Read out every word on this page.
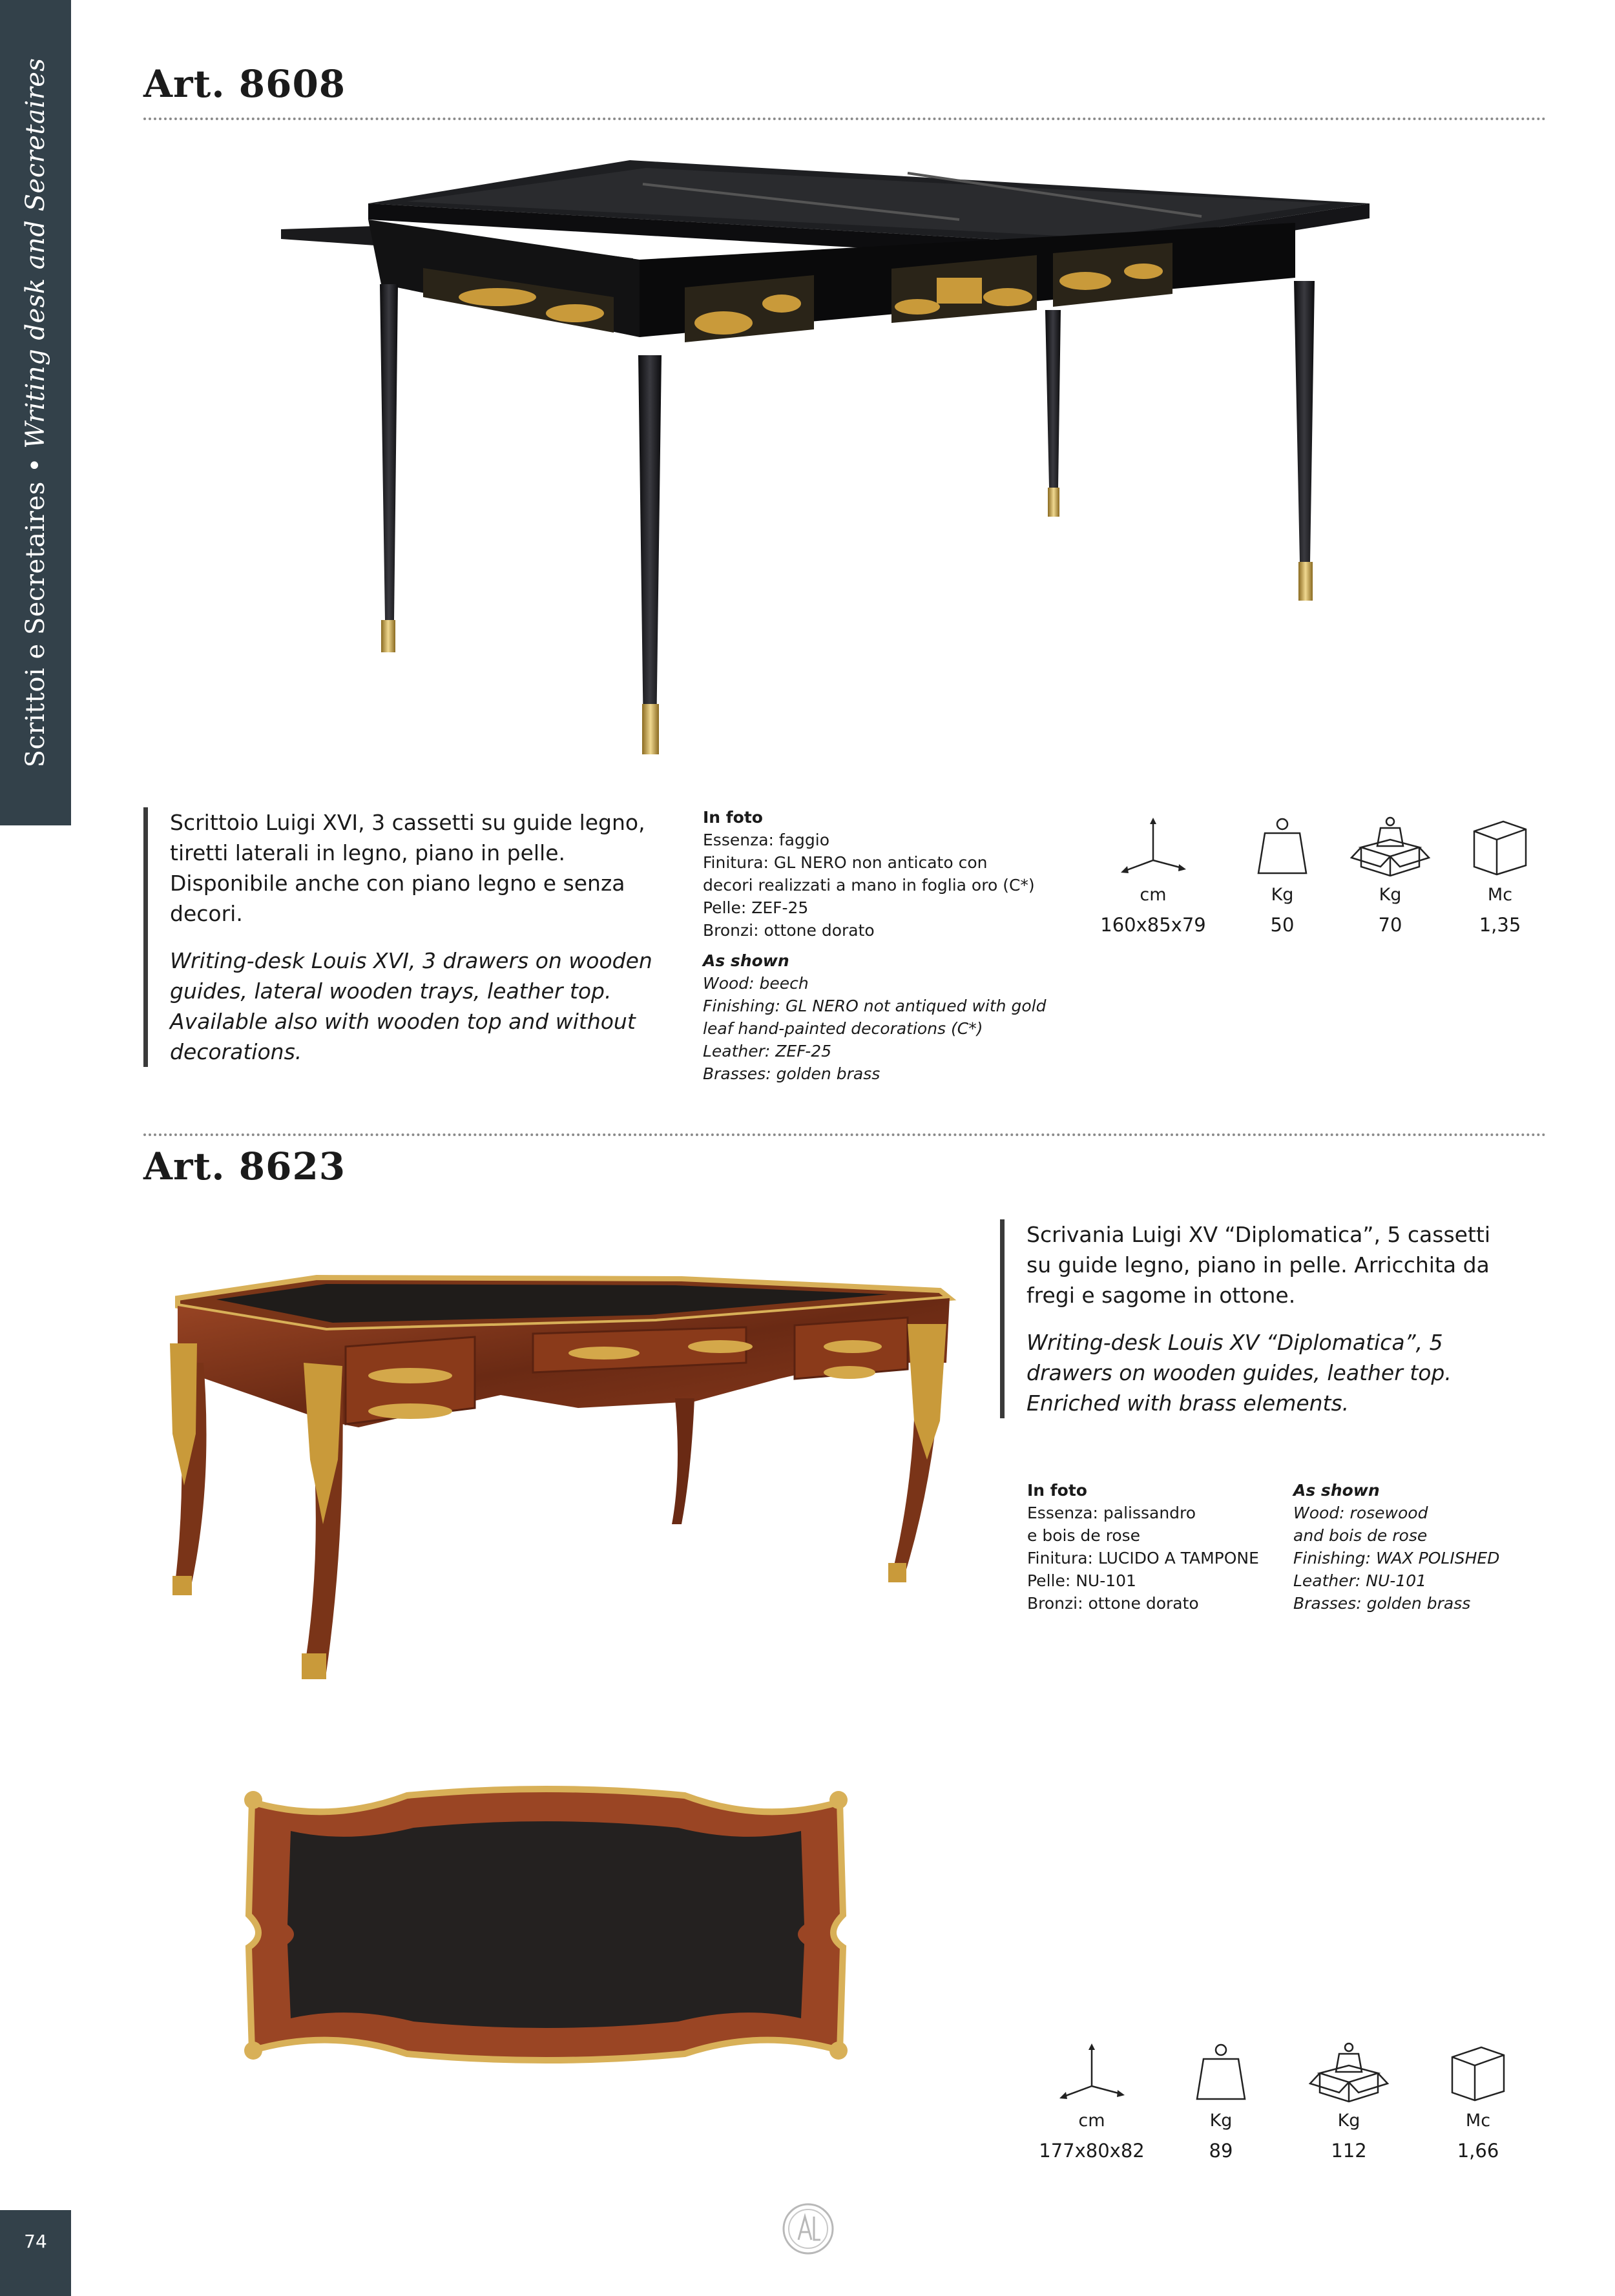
Scrittoi e Secretaires • Writing desk and Secretaires Art. 8608
Scrittoio Luigi XVI, 3 cassetti su guide legno, tiretti laterali in legno, piano in pelle. Disponibile anche con piano legno e senza decori.
Writing-desk Louis XVI, 3 drawers on wooden guides, lateral wooden trays, leather top. Available also with wooden top and without decorations.
In foto
Essenza: faggio
Finitura: GL NERO non anticato con
decori realizzati a mano in foglia oro (C*)
Pelle: ZEF-25
Bronzi: ottone dorato
As shown
Wood: beech
Finishing: GL NERO not antiqued with gold
leaf hand-painted decorations (C*)
Leather: ZEF-25
Brasses: golden brass
cm
160x85x79
Kg
50
Kg
70
Mc
1,35
Art. 8623
Scrivania Luigi XV “Diplomatica”, 5 cassetti su guide legno, piano in pelle. Arricchita da fregi e sagome in ottone.
Writing-desk Louis XV “Diplomatica”, 5 drawers on wooden guides, leather top. Enriched with brass elements.
In foto
Essenza: palissandro
e bois de rose
Finitura: LUCIDO A TAMPONE
Pelle: NU-101
Bronzi: ottone dorato
As shown
Wood: rosewood
and bois de rose
Finishing: WAX POLISHED
Leather: NU-101
Brasses: golden brass
cm
177x80x82
Kg
89
Kg
112
Mc
1,66
74
